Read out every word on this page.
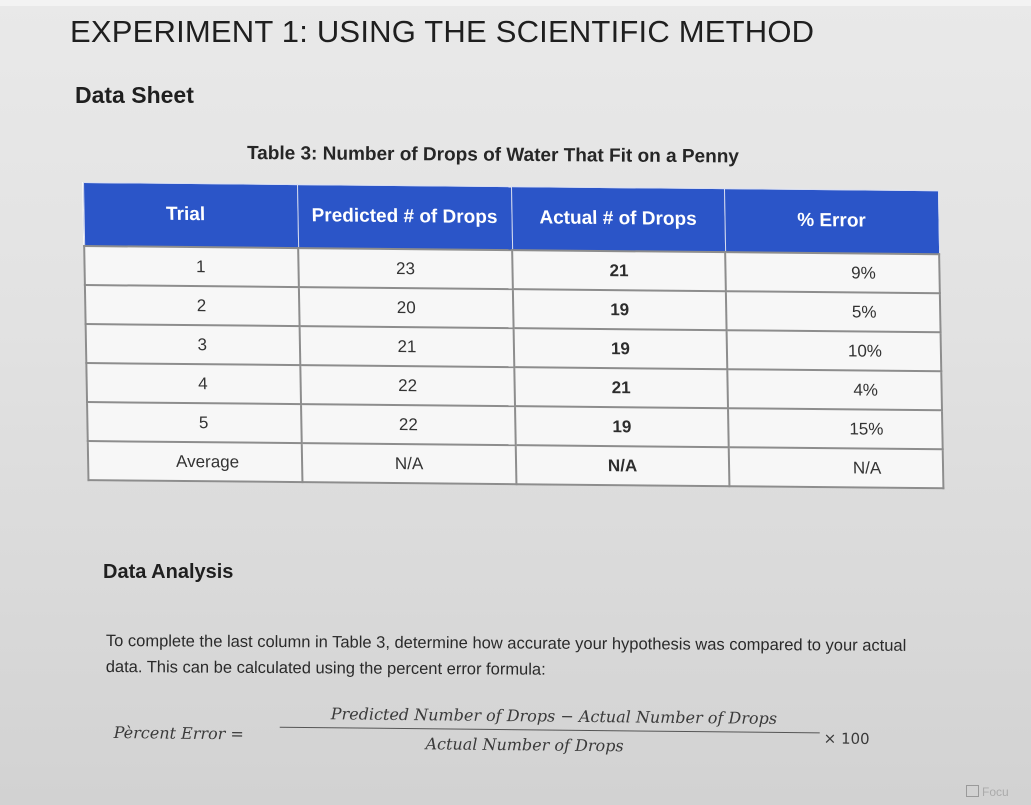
EXPERIMENT 1: USING THE SCIENTIFIC METHOD
Data Sheet
Table 3: Number of Drops of Water That Fit on a Penny
Trial	Predicted # of Drops	Actual # of Drops	% Error
1	23	21	9%
2	20	19	5%
3	21	19	10%
4	22	21	4%
5	22	19	15%
Average	N/A	N/A	N/A
Data Analysis

To complete the last column in Table 3, determine how accurate your hypothesis was compared to your actual data. This can be calculated using the percent error formula:

Pèrcent Error =
Predicted Number of Drops − Actual Number of Drops
Actual Number of Drops	× 100
Focu
